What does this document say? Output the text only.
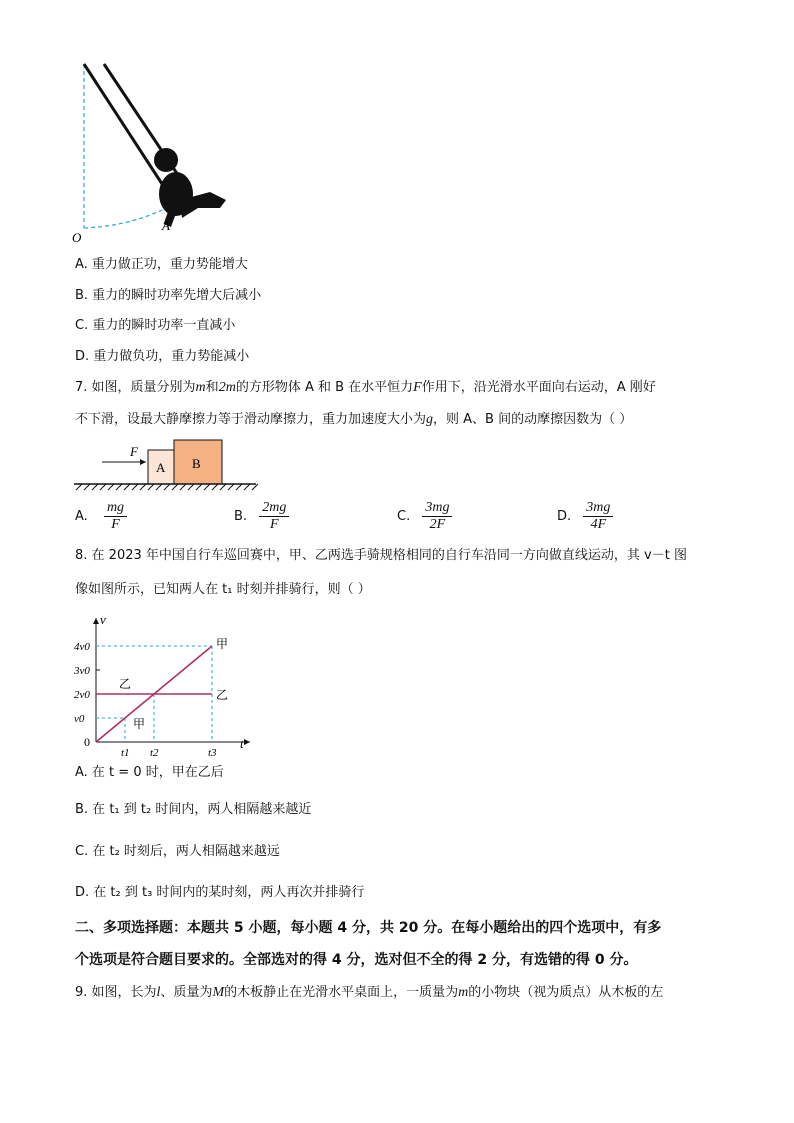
O
A
A. 重力做正功，重力势能增大
B. 重力的瞬时功率先增大后减小
C. 重力的瞬时功率一直减小
D. 重力做负功，重力势能减小
7. 如图，质量分别为m和2m的方形物体 A 和 B 在水平恒力F作用下，沿光滑水平面向右运动，A 刚好
不下滑，设最大静摩擦力等于滑动摩擦力，重力加速度大小为g，则 A、B 间的动摩擦因数为（ ）
F
A B
A. $\frac{mg}{F}$	B. $\frac{2mg}{F}$	C. $\frac{3mg}{2F}$	D. $\frac{3mg}{4F}$
8. 在 2023 年中国自行车巡回赛中，甲、乙两选手骑规格相同的自行车沿同一方向做直线运动，其 v－t 图
像如图所示，已知两人在 t₁ 时刻并排骑行，则（ ）
v
t
0
v0
2v0
3v0
4v0
t1 t2	t3
甲
乙
乙
甲
A. 在 t = 0 时，甲在乙后
B. 在 t₁ 到 t₂ 时间内，两人相隔越来越近
C. 在 t₂ 时刻后，两人相隔越来越远
D. 在 t₂ 到 t₃ 时间内的某时刻，两人再次并排骑行
二、多项选择题：本题共 5 小题，每小题 4 分，共 20 分。在每小题给出的四个选项中，有多
个选项是符合题目要求的。全部选对的得 4 分，选对但不全的得 2 分，有选错的得 0 分。
9. 如图，长为l、质量为M的木板静止在光滑水平桌面上，一质量为m的小物块（视为质点）从木板的左
